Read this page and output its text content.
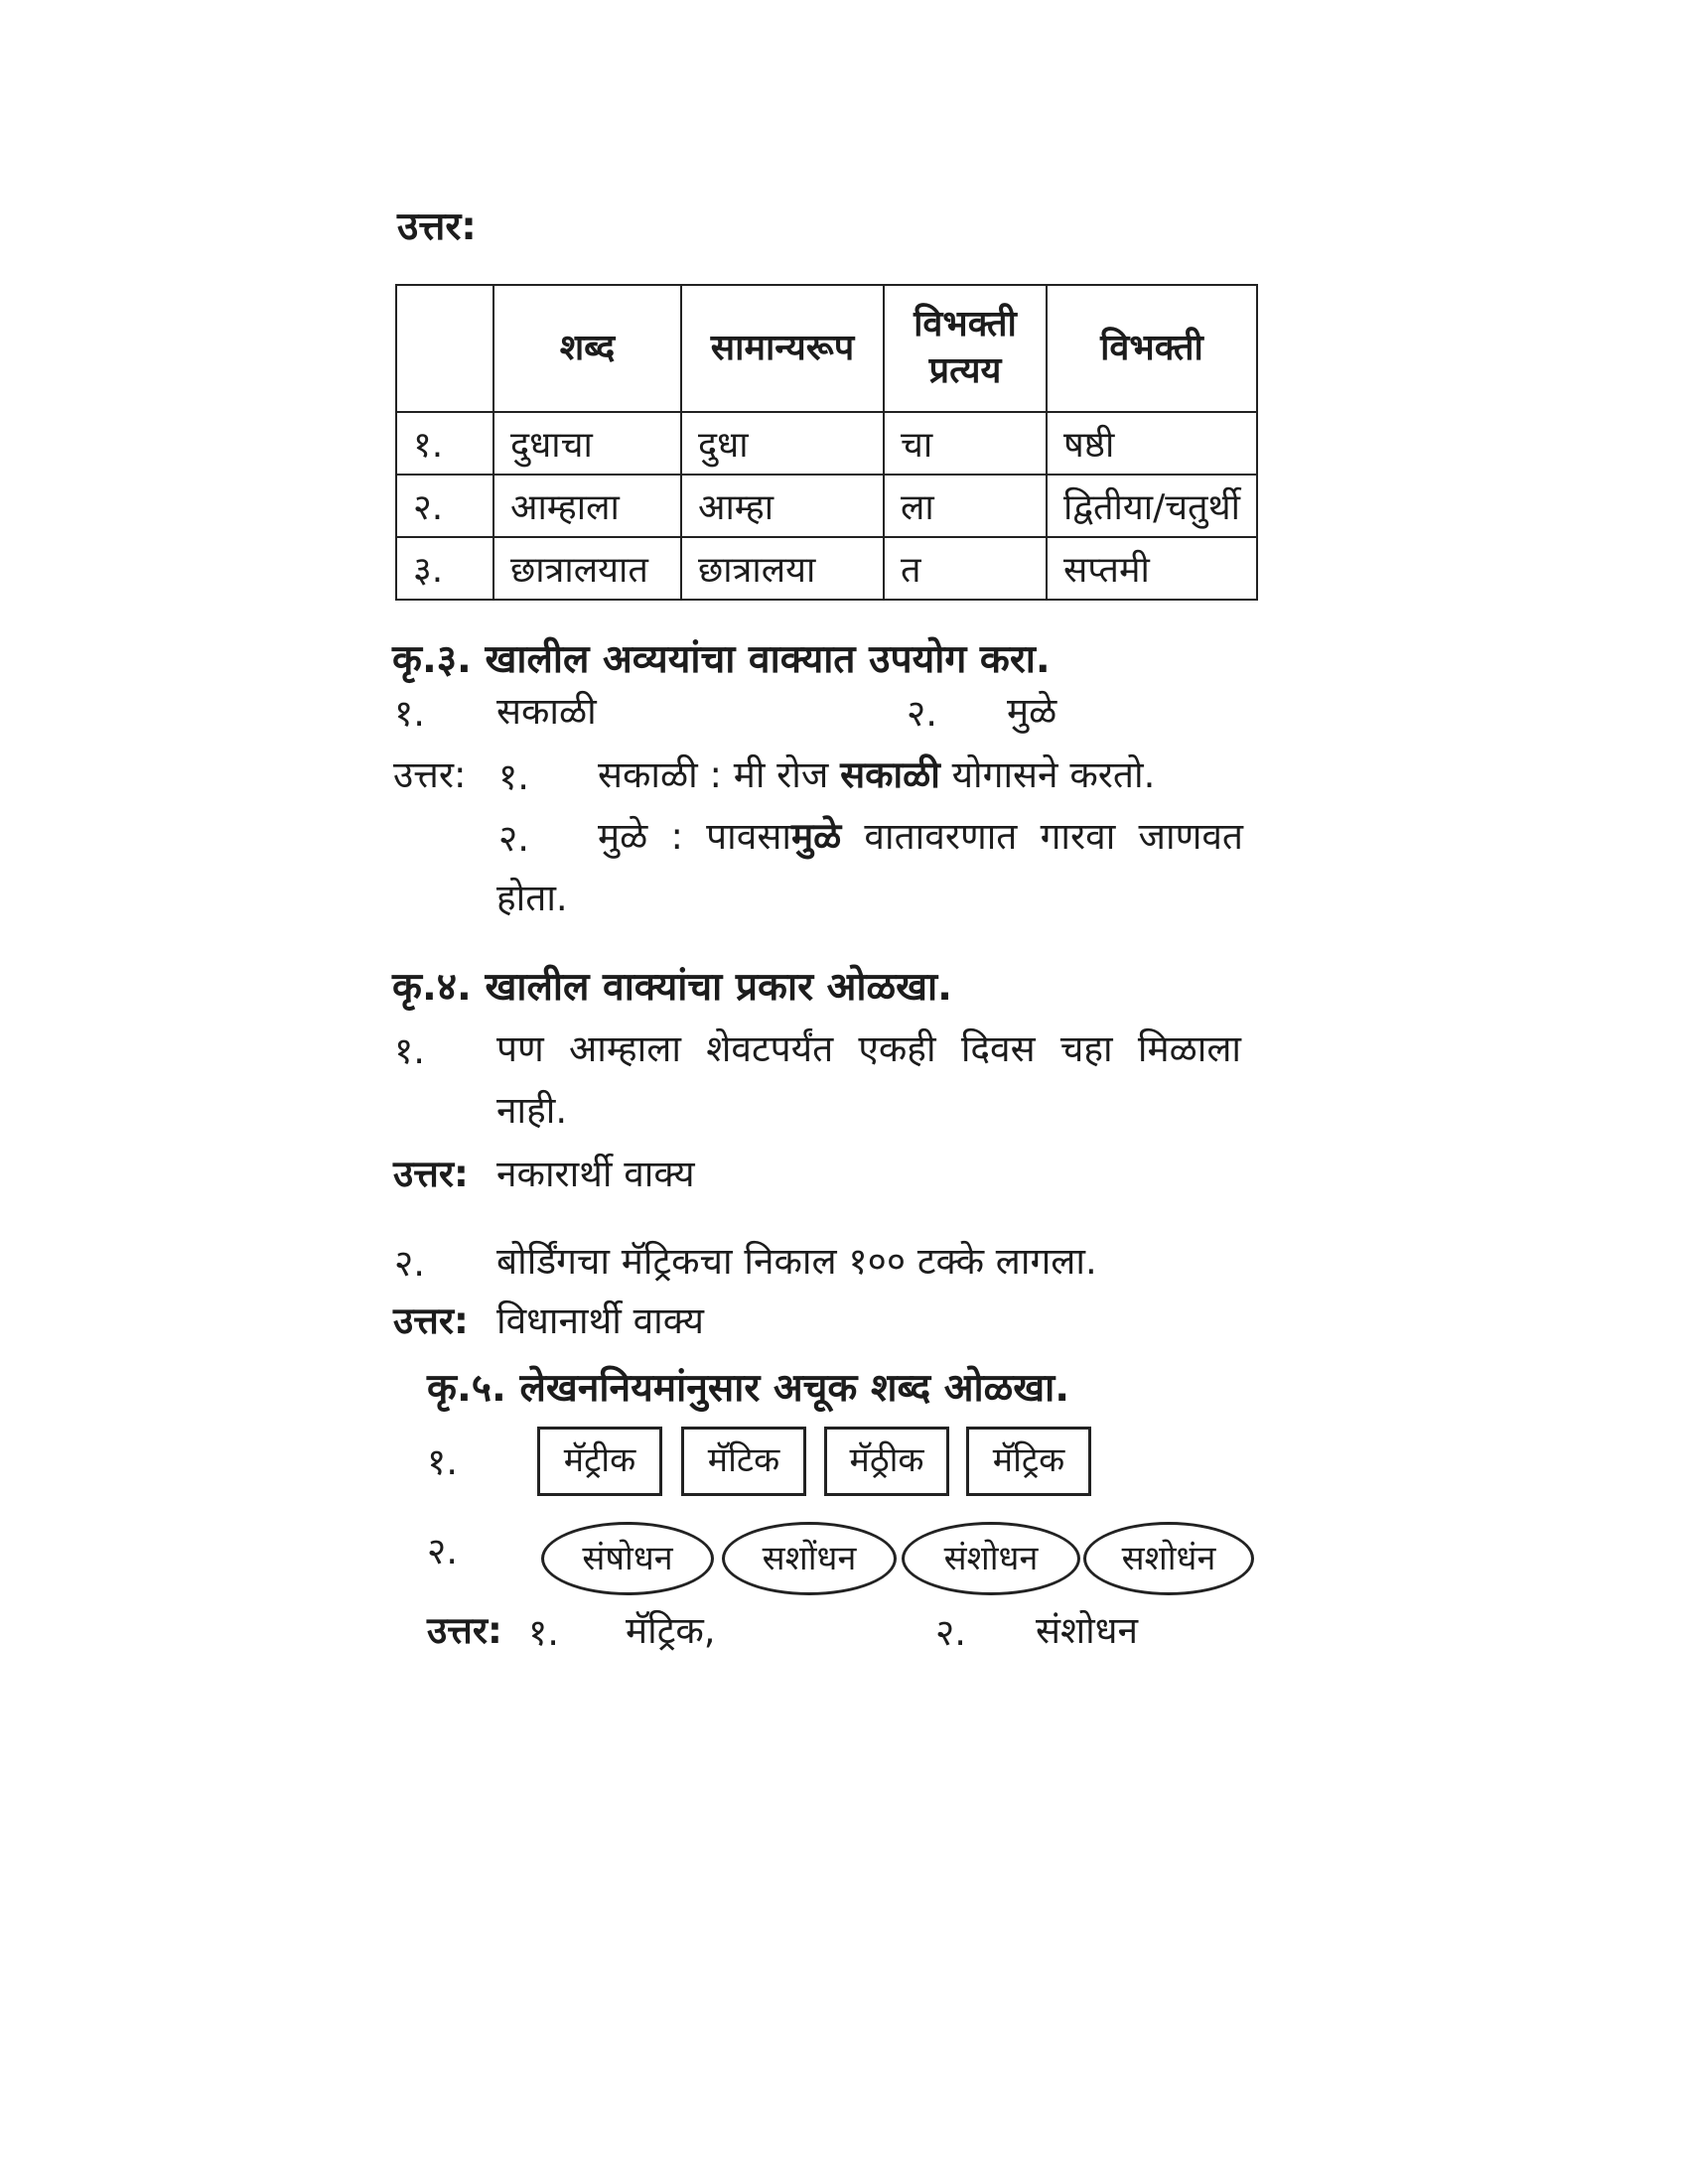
उत्तर:
	शब्द	सामान्यरूप	विभक्ती प्रत्यय	विभक्ती
१.	दुधाचा	दुधा	चा	षष्ठी
२.	आम्हाला	आम्हा	ला	द्वितीया/चतुर्थी
३.	छात्रालयात	छात्रालया	त	सप्तमी
कृ.३. खालील अव्ययांचा वाक्यात उपयोग करा.
१. सकाळी	२. मुळे
उत्तर: १. सकाळी : मी रोज सकाळी योगासने करतो.
२. मुळे : पावसामुळे वातावरणात गारवा जाणवत
होता.
कृ.४. खालील वाक्यांचा प्रकार ओळखा.
१. पण आम्हाला शेवटपर्यंत एकही दिवस चहा मिळाला
नाही.
उत्तर: नकारार्थी वाक्य
२. बोर्डिंगचा मॅट्रिकचा निकाल १०० टक्के लागला.
उत्तर: विधानार्थी वाक्य
कृ.५. लेखननियमांनुसार अचूक शब्द ओळखा.
१.	मॅट्रीक	मॅटिक	मॅठ्रीक	मॅट्रिक
२.	संषोधन	सशोंधन	संशोधन	सशोधंन
उत्तर: १. मॅट्रिक,	२. संशोधन
